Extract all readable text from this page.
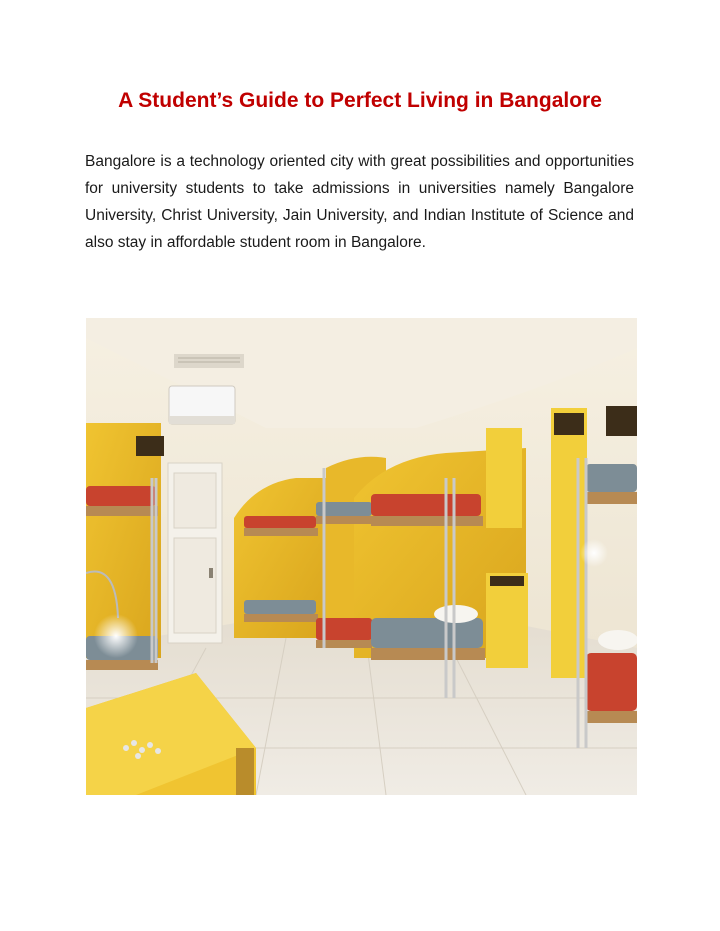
A Student’s Guide to Perfect Living in Bangalore

Bangalore is a technology oriented city with great possibilities and opportunities for university students to take admissions in universities namely Bangalore University, Christ University, Jain University, and Indian Institute of Science and also stay in affordable student room in Bangalore.
